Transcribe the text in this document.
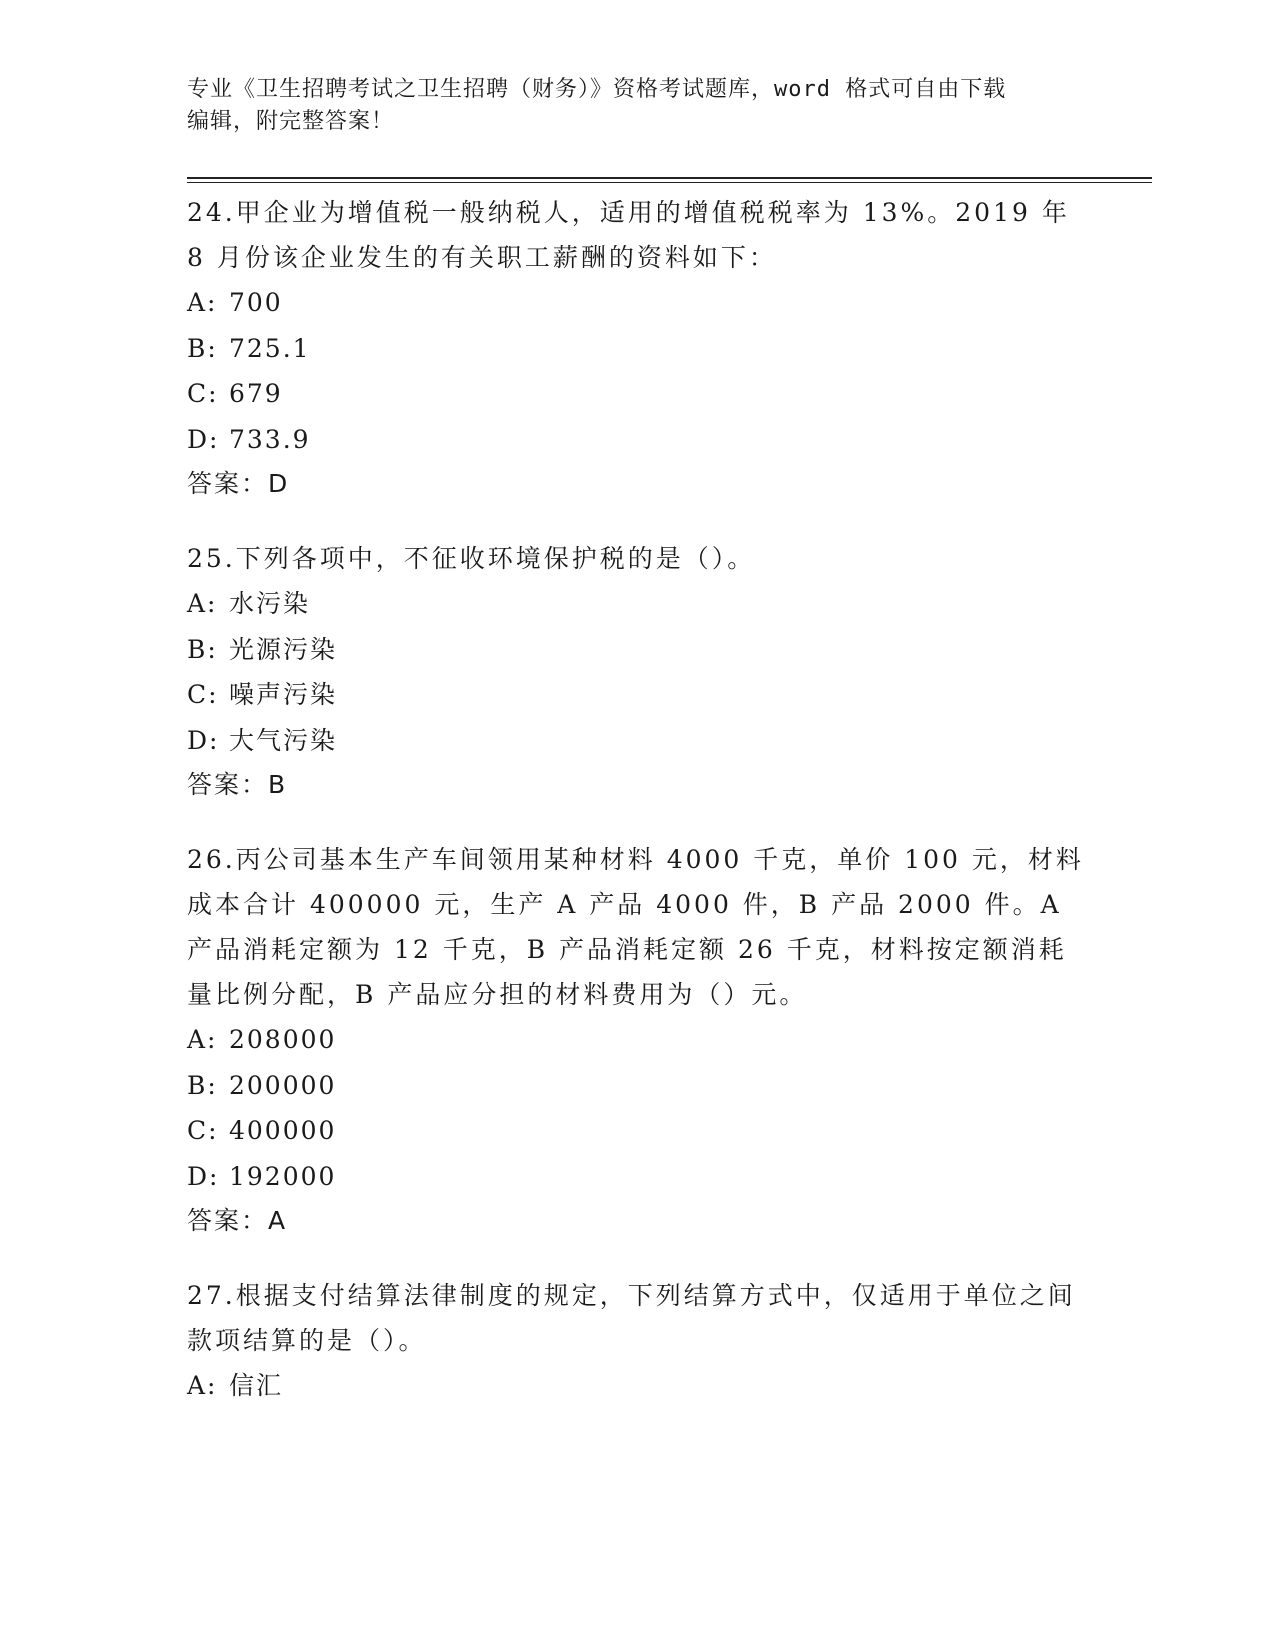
专业《卫生招聘考试之卫生招聘（财务）》资格考试题库，word 格式可自由下载
编辑，附完整答案！

24.甲企业为增值税一般纳税人，适用的增值税税率为 13%。2019 年 8 月份该企业发生的有关职工薪酬的资料如下：

A: 700
B: 725.1
C: 679
D: 733.9
答案：D

25.下列各项中，不征收环境保护税的是（）。

A: 水污染
B: 光源污染
C: 噪声污染
D: 大气污染
答案：B

26.丙公司基本生产车间领用某种材料 4000 千克，单价 100 元，材料成本合计 400000 元，生产 A 产品 4000 件，B 产品 2000 件。A 产品消耗定额为 12 千克，B 产品消耗定额 26 千克，材料按定额消耗量比例分配，B 产品应分担的材料费用为（）元。

A: 208000
B: 200000
C: 400000
D: 192000
答案：A

27.根据支付结算法律制度的规定，下列结算方式中，仅适用于单位之间款项结算的是（）。

A: 信汇
